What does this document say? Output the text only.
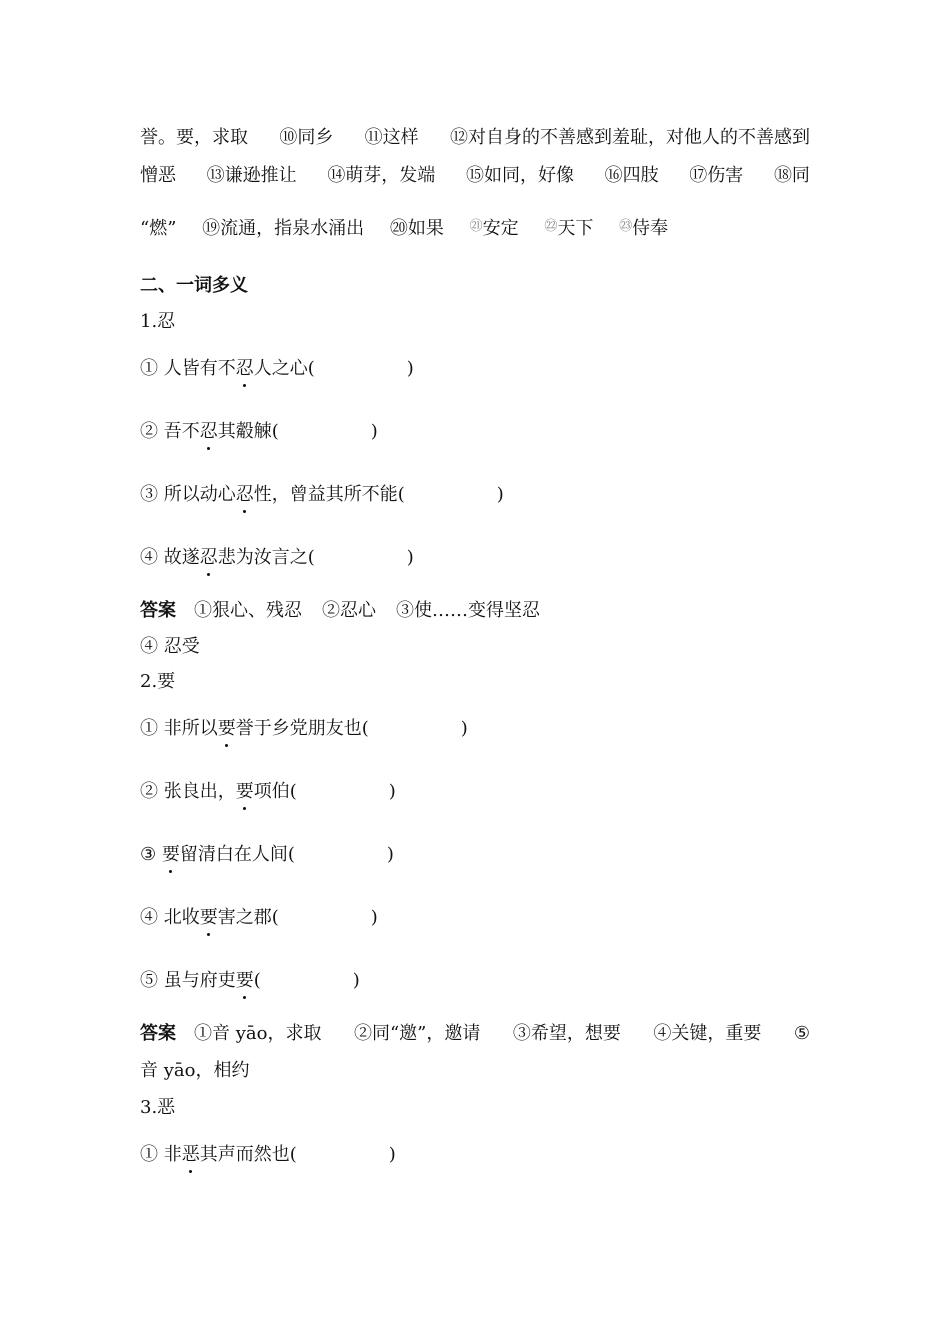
誉。要，求取 ⑩同乡 ⑪这样 ⑫对自身的不善感到羞耻，对他人的不善感到
憎恶 ⑬谦逊推让 ⑭萌芽，发端 ⑮如同，好像 ⑯四肢 ⑰伤害 ⑱同
“燃” ⑲流通，指泉水涌出 ⑳如果 $^㉑$安定 $^㉒$天下 $^㉓$侍奉
二、一词多义
1.忍
① 人皆有不忍人之心(	)
② 吾不忍其觳觫(	)
③ 所以动心忍性，曾益其所不能(	)
④ 故遂忍悲为汝言之(	)
答案 ①狠心、残忍 ②忍心 ③使……变得坚忍
④ 忍受
2.要
① 非所以要誉于乡党朋友也(	)
② 张良出，要项伯(	)
③ 要留清白在人间(	)
④ 北收要害之郡(	)
⑤ 虽与府吏要(	)
答案 ①音 yāo，求取 ②同“邀”，邀请 ③希望，想要 ④关键，重要 ⑤
音 yāo，相约
3.恶
① 非恶其声而然也(	)
